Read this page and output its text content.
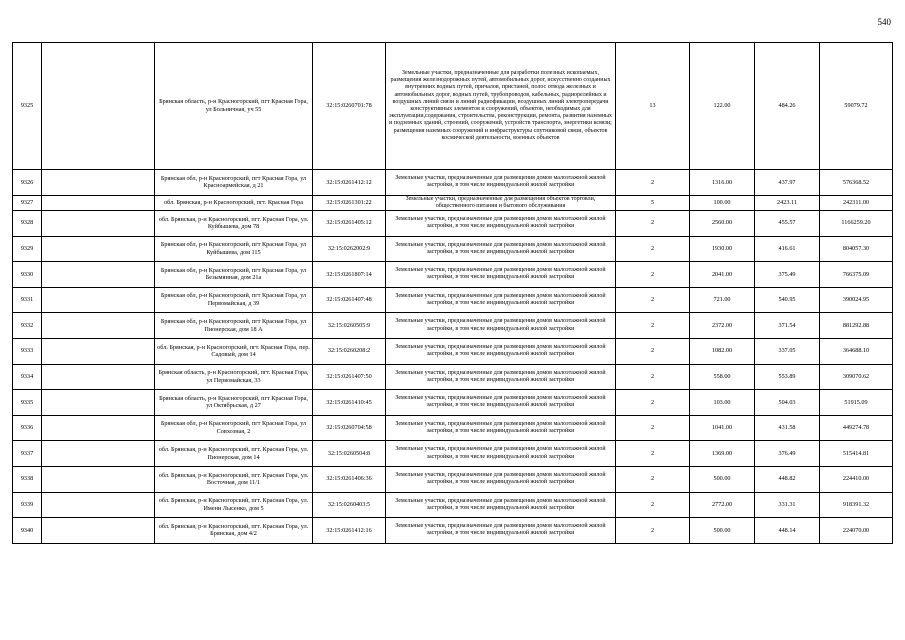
540
9325		Брянская область, р-н Красногорский, пгт Красная Гора, ул Больничная, уч 55	32:15:0260701:78	Земельные участки, предназначенные для разработки полезных ископаемых, размещения железнодорожных путей, автомобильных дорог, искусственно созданных внутренних водных путей, причалов, пристаней, полос отвода железных и автомобильных дорог, водных путей, трубопроводов, кабельных, радиорелейных и воздушных линий связи и линий радиофикации, воздушных линий электропередачи конструктивных элементов и сооружений, объектов, необходимых для эксплуатации,содержания, строительства, реконструкции, ремонта, развития наземных и подземных зданий, строений, сооружений, устройств транспорта, энергетики ксвязи; размещения наземных сооружений и инфраструктуры спутниковой связи, объектов космической деятельности, военных объектов	13	122.00	484.26	59079.72
9326		Брянская обл, р-н Красногорский, пгт Красная Гора, ул Красноармейская, д 21	32:15:0261412:12	Земельные участки, предназначенные для размещения домов малоэтажной жилой застройки, в том числе индивидуальной жилой застройки	2	1316.00	437.97	576368.52
9327		обл. Брянская, р-н Красногорский, пгт. Красная Гора	32:15:0261301:22	Земельные участки, предназначенные для размещения объектов торговли, общественного питания и бытового обслуживания	5	100.00	2423.11	242311.00
9328		обл. Брянская, р-н Красногорский, пгт. Красная Гора, ул. Куйбышева, дом 78	32:15:0261405:12	Земельные участки, предназначенные для размещения домов малоэтажной жилой застройки, в том числе индивидуальной жилой застройки	2	2560.00	455.57	1166259.20
9329		Брянская обл, р-н Красногорский, пгт Красная Гора, ул Куйбышева, дом 115	32:15:0262002:9	Земельные участки, предназначенные для размещения домов малоэтажной жилой застройки, в том числе индивидуальной жилой застройки	2	1930.00	416.61	804057.30
9330		Брянская обл, р-н Красногорский, пгт Красная Гора, ул Безымянная, дом 21а	32:15:0261807:14	Земельные участки, предназначенные для размещения домов малоэтажной жилой застройки, в том числе индивидуальной жилой застройки	2	2041.00	375.49	766375.09
9331		Брянская обл, р-н Красногорский, пгт Красная Гора, ул Первомайская, д 39	32:15:0261407:48	Земельные участки, предназначенные для размещения домов малоэтажной жилой застройки, в том числе индивидуальной жилой застройки	2	721.00	540.95	390024.95
9332		Брянская обл, р-н Красногорский, пгт Красная Гора, ул Пионерская, дом 18 А	32:15:0260505:9	Земельные участки, предназначенные для размещения домов малоэтажной жилой застройки, в том числе индивидуальной жилой застройки	2	2372.00	371.54	881292.88
9333		обл. Брянская, р-н Красногорский, пгт. Красная Гора, пер. Садовый, дом 14	32:15:0260208:2	Земельные участки, предназначенные для размещения домов малоэтажной жилой застройки, в том числе индивидуальной жилой застройки	2	1082.00	337.05	364688.10
9334		Брянская область, р-н Красногорский, пгт. Красная Гора, ул Первомайская, 33	32:15:0261407:50	Земельные участки, предназначенные для размещения домов малоэтажной жилой застройки, в том числе индивидуальной жилой застройки	2	558.00	553.89	309070.62
9335		Брянская область, р-н Красногорский, пгт Красная Гора, ул Октябрьская, д 27	32:15:0261410:45	Земельные участки, предназначенные для размещения домов малоэтажной жилой застройки, в том числе индивидуальной жилой застройки	2	103.00	504.03	51915.09
9336		Брянская обл, р-н Красногорский, пгт Красная Гора, ул Совхозная, 2	32:15:0260704:58	Земельные участки, предназначенные для размещения домов малоэтажной жилой застройки, в том числе индивидуальной жилой застройки	2	1041.00	431.58	449274.78
9337		обл. Брянская, р-н Красногорский, пгт. Красная Гора, ул. Пионерская, дом 14	32:15:0260504:8	Земельные участки, предназначенные для размещения домов малоэтажной жилой застройки, в том числе индивидуальной жилой застройки	2	1369.00	376.49	515414.81
9338		обл. Брянская, р-н Красногорский, пгт. Красная Гора, ул. Восточная, дом 11/1	32:15:0261406:36	Земельные участки, предназначенные для размещения домов малоэтажной жилой застройки, в том числе индивидуальной жилой застройки	2	500.00	448.82	224410.00
9339		обл. Брянская, р-н Красногорский, пгт. Красная Гора, ул. Имени Лысенко, дом 5	32:15:0260403:5	Земельные участки, предназначенные для размещения домов малоэтажной жилой застройки, в том числе индивидуальной жилой застройки	2	2772.00	331.31	918391.32
9340		обл. Брянская, р-н Красногорский, пгт. Красная Гора, ул. Брянская, дом 4/2	32:15:0261412:16	Земельные участки, предназначенные для размещения домов малоэтажной жилой застройки, в том числе индивидуальной жилой застройки	2	500.00	448.14	224070.00
